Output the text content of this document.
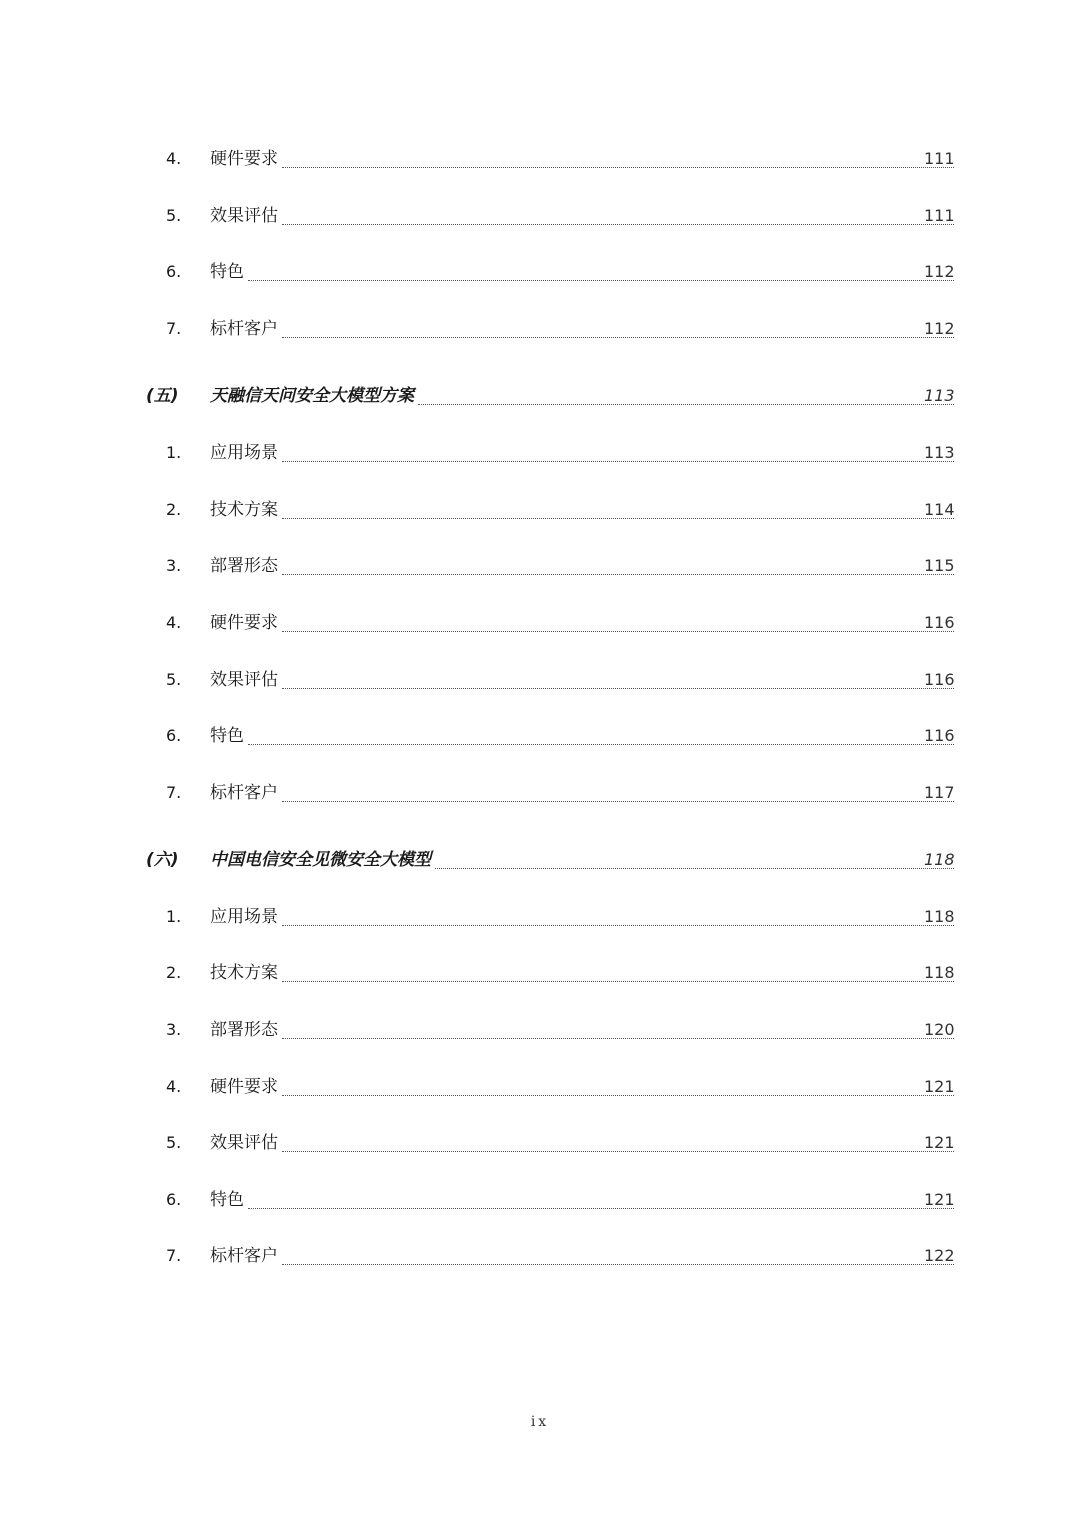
4.	硬件要求	111
5.	效果评估	111
6.	特色	112
7.	标杆客户	112
(五)	天融信天问安全大模型方案	113
1.	应用场景	113
2.	技术方案	114
3.	部署形态	115
4.	硬件要求	116
5.	效果评估	116
6.	特色	116
7.	标杆客户	117
(六)	中国电信安全见微安全大模型	118
1.	应用场景	118
2.	技术方案	118
3.	部署形态	120
4.	硬件要求	121
5.	效果评估	121
6.	特色	121
7.	标杆客户	122
ix
